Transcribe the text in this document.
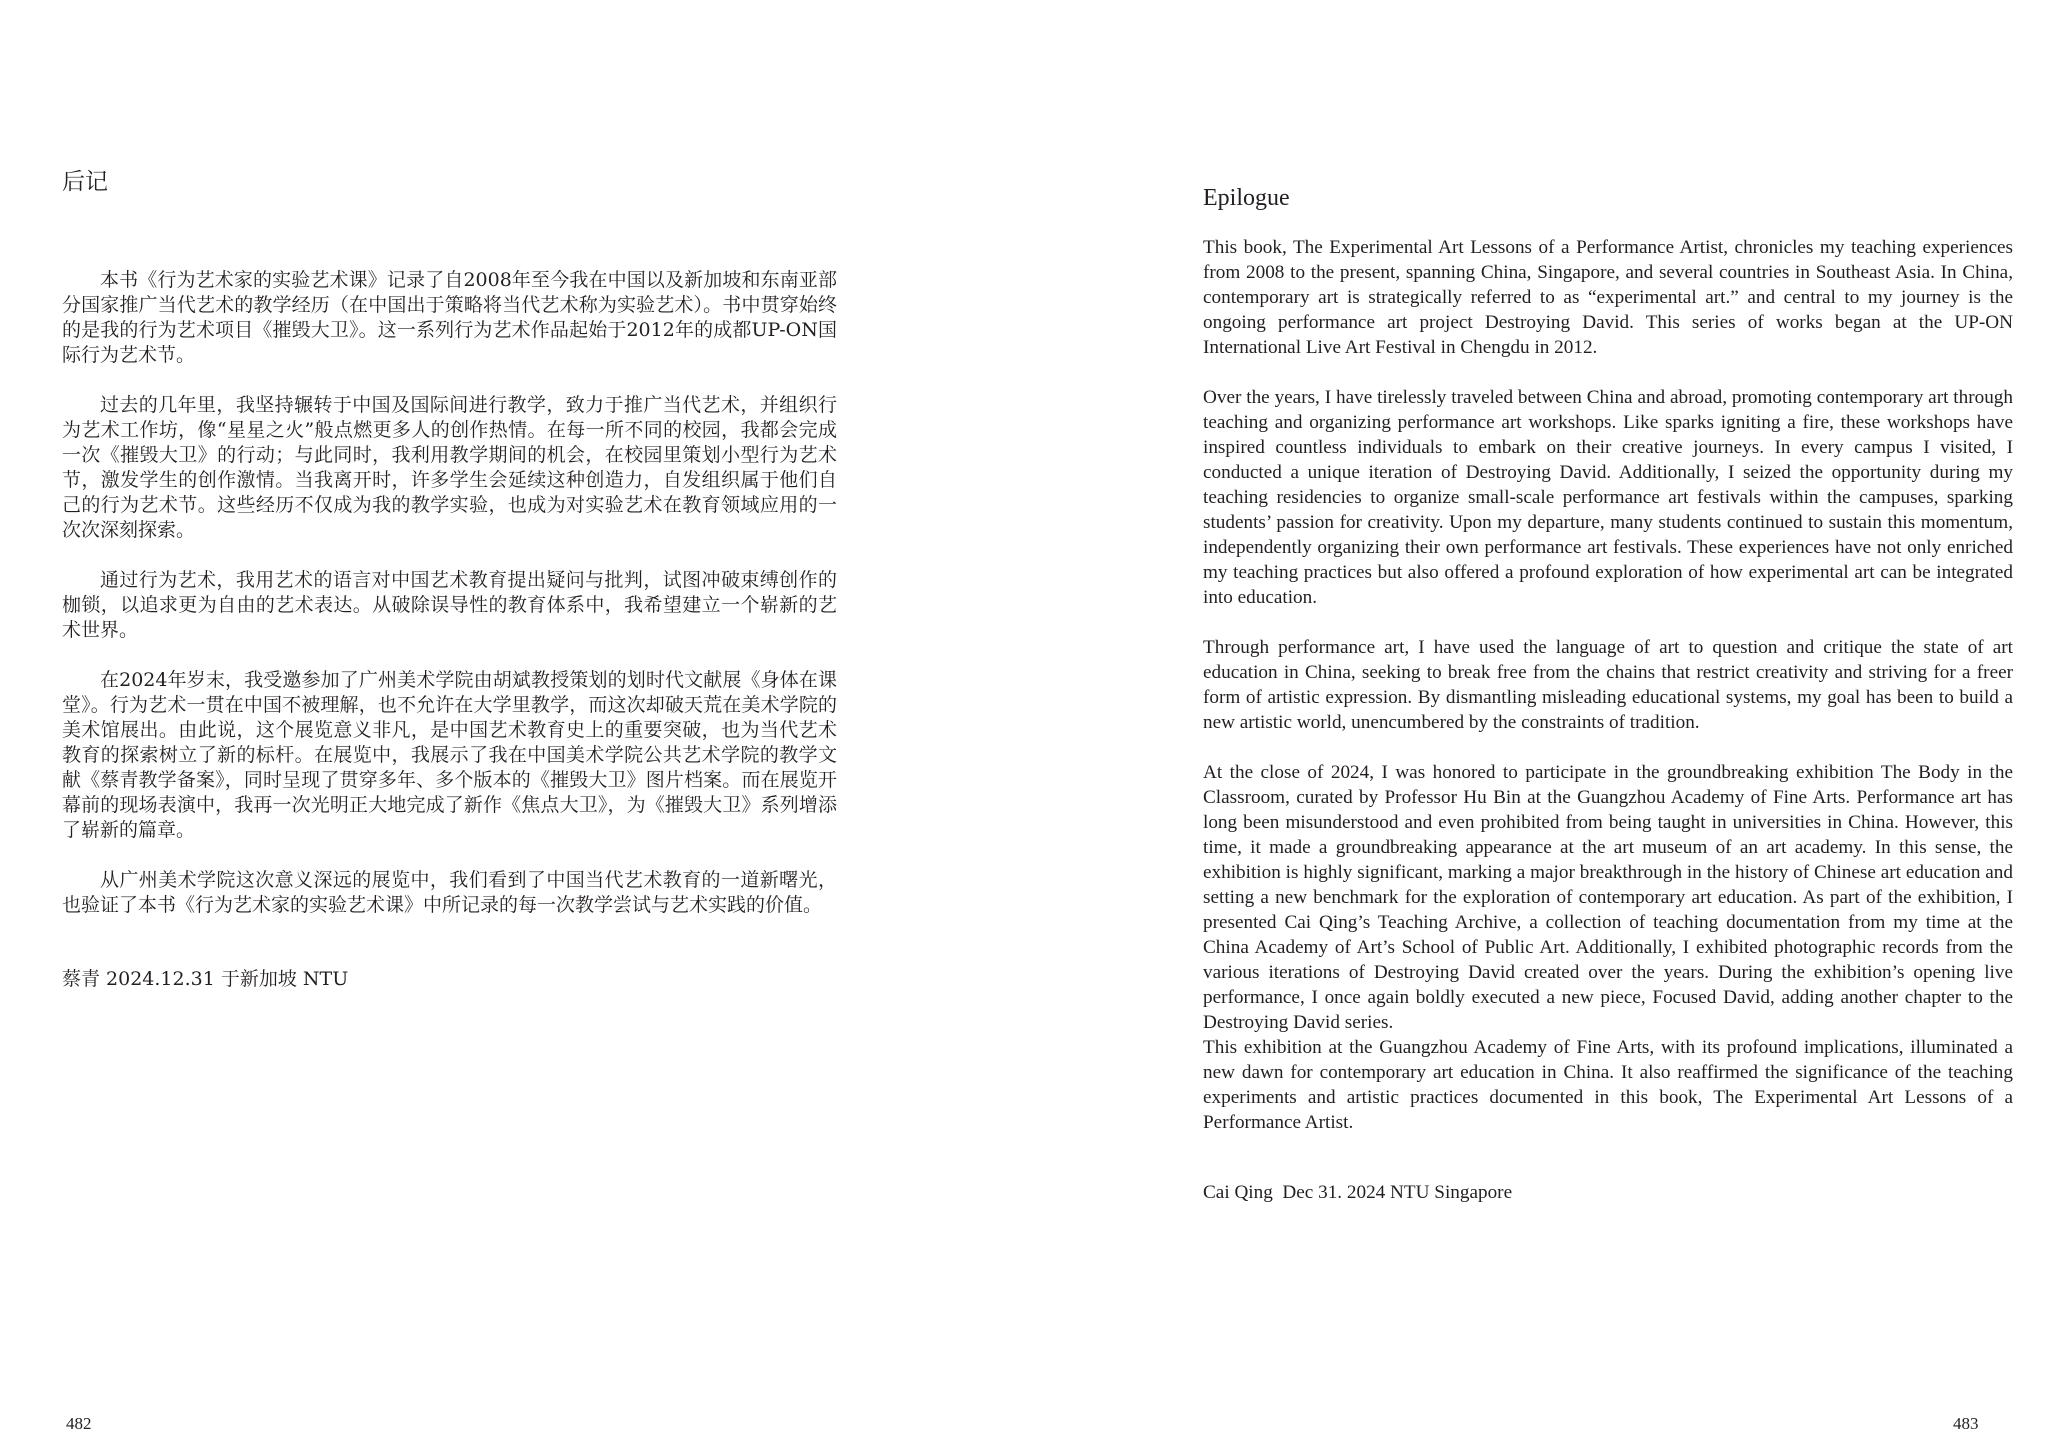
后记

本书《行为艺术家的实验艺术课》记录了自2008年至今我在中国以及新加坡和东南亚部分国家推广当代艺术的教学经历（在中国出于策略将当代艺术称为实验艺术）。书中贯穿始终的是我的行为艺术项目《摧毁大卫》。这一系列行为艺术作品起始于2012年的成都UP-ON国际行为艺术节。

过去的几年里，我坚持辗转于中国及国际间进行教学，致力于推广当代艺术，并组织行为艺术工作坊，像“星星之火”般点燃更多人的创作热情。在每一所不同的校园，我都会完成一次《摧毁大卫》的行动；与此同时，我利用教学期间的机会，在校园里策划小型行为艺术节，激发学生的创作激情。当我离开时，许多学生会延续这种创造力，自发组织属于他们自己的行为艺术节。这些经历不仅成为我的教学实验，也成为对实验艺术在教育领域应用的一次次深刻探索。

通过行为艺术，我用艺术的语言对中国艺术教育提出疑问与批判，试图冲破束缚创作的枷锁，以追求更为自由的艺术表达。从破除误导性的教育体系中，我希望建立一个崭新的艺术世界。

在2024年岁末，我受邀参加了广州美术学院由胡斌教授策划的划时代文献展《身体在课堂》。行为艺术一贯在中国不被理解，也不允许在大学里教学，而这次却破天荒在美术学院的美术馆展出。由此说，这个展览意义非凡，是中国艺术教育史上的重要突破，也为当代艺术教育的探索树立了新的标杆。在展览中，我展示了我在中国美术学院公共艺术学院的教学文献《蔡青教学备案》，同时呈现了贯穿多年、多个版本的《摧毁大卫》图片档案。而在展览开幕前的现场表演中，我再一次光明正大地完成了新作《焦点大卫》，为《摧毁大卫》系列增添了崭新的篇章。

从广州美术学院这次意义深远的展览中，我们看到了中国当代艺术教育的一道新曙光，也验证了本书《行为艺术家的实验艺术课》中所记录的每一次教学尝试与艺术实践的价值。

蔡青 2024.12.31 于新加坡 NTU
482
Epilogue

This book, The Experimental Art Lessons of a Performance Artist, chronicles my teaching experiences from 2008 to the present, spanning China, Singapore, and several countries in Southeast Asia. In China, contemporary art is strategically referred to as “experimental art.” and central to my journey is the ongoing performance art project Destroying David. This series of works began at the UP-ON International Live Art Festival in Chengdu in 2012.

Over the years, I have tirelessly traveled between China and abroad, promoting contemporary art through teaching and organizing performance art workshops. Like sparks igniting a fire, these workshops have inspired countless individuals to embark on their creative journeys. In every campus I visited, I conducted a unique iteration of Destroying David. Additionally, I seized the opportunity during my teaching residencies to organize small-scale performance art festivals within the campuses, sparking students’ passion for creativity. Upon my departure, many students continued to sustain this momentum, independently organizing their own performance art festivals. These experiences have not only enriched my teaching practices but also offered a profound exploration of how experimental art can be integrated into education.

Through performance art, I have used the language of art to question and critique the state of art education in China, seeking to break free from the chains that restrict creativity and striving for a freer form of artistic expression. By dismantling misleading educational systems, my goal has been to build a new artistic world, unencumbered by the constraints of tradition.

At the close of 2024, I was honored to participate in the groundbreaking exhibition The Body in the Classroom, curated by Professor Hu Bin at the Guangzhou Academy of Fine Arts. Performance art has long been misunderstood and even prohibited from being taught in universities in China. However, this time, it made a groundbreaking appearance at the art museum of an art academy. In this sense, the exhibition is highly significant, marking a major breakthrough in the history of Chinese art education and setting a new benchmark for the exploration of contemporary art education. As part of the exhibition, I presented Cai Qing’s Teaching Archive, a collection of teaching documentation from my time at the China Academy of Art’s School of Public Art. Additionally, I exhibited photographic records from the various iterations of Destroying David created over the years. During the exhibition’s opening live performance, I once again boldly executed a new piece, Focused David, adding another chapter to the Destroying David series.

This exhibition at the Guangzhou Academy of Fine Arts, with its profound implications, illuminated a new dawn for contemporary art education in China. It also reaffirmed the significance of the teaching experiments and artistic practices documented in this book, The Experimental Art Lessons of a Performance Artist.

Cai Qing  Dec 31. 2024 NTU Singapore
483
